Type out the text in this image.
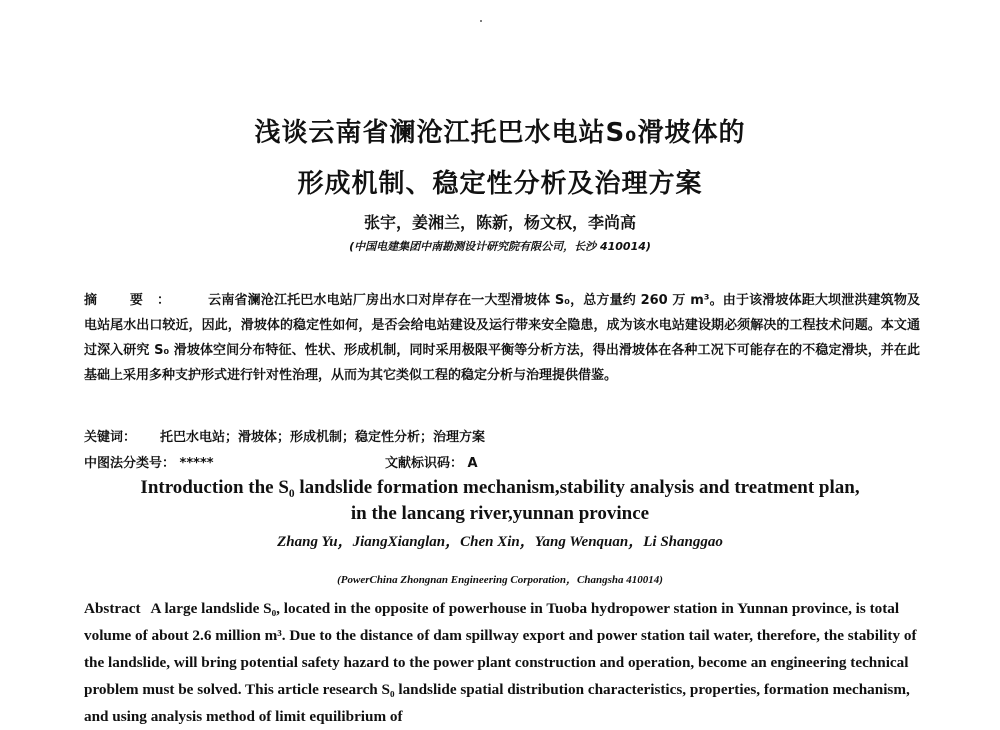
浅谈云南省澜沧江托巴水电站S₀滑坡体的
形成机制、稳定性分析及治理方案
张宇，姜湘兰，陈新，杨文权，李尚高
(中国电建集团中南勘测设计研究院有限公司，长沙 410014)
摘 要： 云南省澜沧江托巴水电站厂房出水口对岸存在一大型滑坡体 S₀，总方量约 260 万 m³。由于该滑坡体距大坝泄洪建筑物及电站尾水出口较近，因此，滑坡体的稳定性如何，是否会给电站建设及运行带来安全隐患，成为该水电站建设期必须解决的工程技术问题。本文通过深入研究 S₀ 滑坡体空间分布特征、性状、形成机制，同时采用极限平衡等分析方法，得出滑坡体在各种工况下可能存在的不稳定滑块，并在此基础上采用多种支护形式进行针对性治理，从而为其它类似工程的稳定分析与治理提供借鉴。
关键词： 托巴水电站；滑坡体；形成机制；稳定性分析；治理方案
中图法分类号： *****	文献标识码： A
Introduction the S₀ landslide formation mechanism,stability analysis and treatment plan,
in the lancang river,yunnan province
Zhang Yu，JiangXianglan，Chen Xin，Yang Wenquan，Li Shanggao
(PowerChina Zhongnan Engineering Corporation，Changsha 410014)
Abstract A large landslide S₀, located in the opposite of powerhouse in Tuoba hydropower station in Yunnan province, is total volume of about 2.6 million m³. Due to the distance of dam spillway export and power station tail water, therefore, the stability of the landslide, will bring potential safety hazard to the power plant construction and operation, become an engineering technical problem must be solved. This article research S₀ landslide spatial distribution characteristics, properties, formation mechanism, and using analysis method of limit equilibrium of
